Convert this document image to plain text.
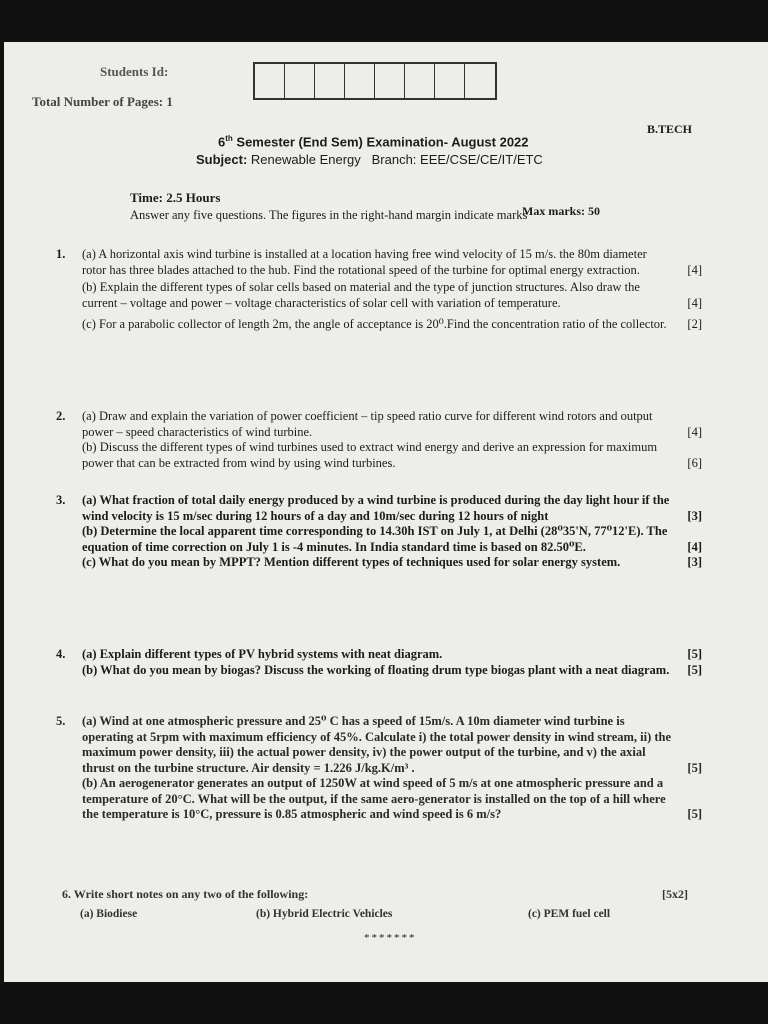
Students Id:
Total Number of Pages: 1
B.TECH
6th Semester (End Sem) Examination- August 2022
Subject: Renewable Energy Branch: EEE/CSE/CE/IT/ETC
Time: 2.5 Hours
Max marks: 50
Answer any five questions. The figures in the right-hand margin indicate marks
1. (a) A horizontal axis wind turbine is installed at a location having free wind velocity of 15 m/s. the 80m diameter rotor has three blades attached to the hub. Find the rotational speed of the turbine for optimal energy extraction.	[4]

(b) Explain the different types of solar cells based on material and the type of junction structures. Also draw the current – voltage and power – voltage characteristics of solar cell with variation of temperature.	[4]

(c) For a parabolic collector of length 2m, the angle of acceptance is 20⁰.Find the concentration ratio of the collector. [2]

2. (a) Draw and explain the variation of power coefficient – tip speed ratio curve for different wind rotors and output power – speed characteristics of wind turbine.	[4]

(b) Discuss the different types of wind turbines used to extract wind energy and derive an expression for maximum power that can be extracted from wind by using wind turbines.	[6]

3. (a) What fraction of total daily energy produced by a wind turbine is produced during the day light hour if the wind velocity is 15 m/sec during 12 hours of a day and 10m/sec during 12 hours of night	[3]

(b) Determine the local apparent time corresponding to 14.30h IST on July 1, at Delhi (28⁰35'N, 77⁰12'E). The equation of time correction on July 1 is -4 minutes. In India standard time is based on 82.50⁰E.	[4]

(c) What do you mean by MPPT? Mention different types of techniques used for solar energy system.	[3]

4. (a) Explain different types of PV hybrid systems with neat diagram.	[5]

(b) What do you mean by biogas? Discuss the working of floating drum type biogas plant with a neat diagram. [5]

5. (a) Wind at one atmospheric pressure and 25⁰ C has a speed of 15m/s. A 10m diameter wind turbine is operating at 5rpm with maximum efficiency of 45%. Calculate i) the total power density in wind stream, ii) the maximum power density, iii) the actual power density, iv) the power output of the turbine, and v) the axial thrust on the turbine structure. Air density = 1.226 J/kg.K/m³ .	[5]

(b) An aerogenerator generates an output of 1250W at wind speed of 5 m/s at one atmospheric pressure and a temperature of 20°C. What will be the output, if the same aero-generator is installed on the top of a hill where the temperature is 10°C, pressure is 0.85 atmospheric and wind speed is 6 m/s?	[5]

6. Write short notes on any two of the following:	[5x2]
(a) Biodiese	(b) Hybrid Electric Vehicles	(c) PEM fuel cell
*******
